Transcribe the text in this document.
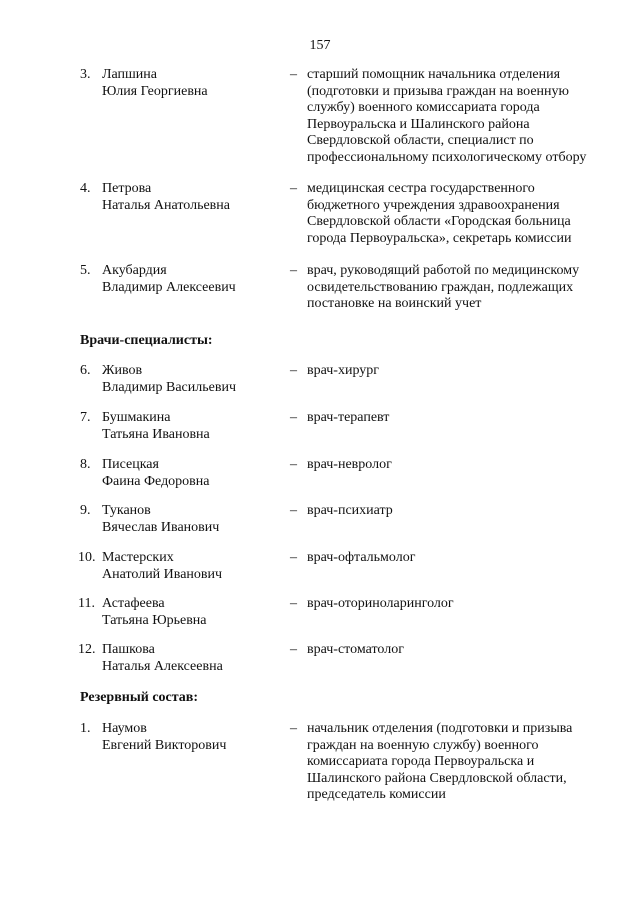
157
3. Лапшина
Юлия Георгиевна
– старший помощник начальника отделения
(подготовки и призыва граждан на военную
службу) военного комиссариата города
Первоуральска и Шалинского района
Свердловской области, специалист по
профессиональному психологическому отбору
4. Петрова
Наталья Анатольевна
– медицинская сестра государственного
бюджетного учреждения здравоохранения
Свердловской области «Городская больница
города Первоуральска», секретарь комиссии
5. Акубардия
Владимир Алексеевич
– врач, руководящий работой по медицинскому
освидетельствованию граждан, подлежащих
постановке на воинский учет
Врачи-специалисты:
6. Живов
Владимир Васильевич
– врач-хирург
7. Бушмакина
Татьяна Ивановна
– врач-терапевт
8. Писецкая
Фаина Федоровна
– врач-невролог
9. Туканов
Вячеслав Иванович
– врач-психиатр
10. Мастерских
Анатолий Иванович
– врач-офтальмолог
11. Астафеева
Татьяна Юрьевна
– врач-оториноларинголог
12. Пашкова
Наталья Алексеевна
– врач-стоматолог
Резервный состав:
1. Наумов
Евгений Викторович
– начальник отделения (подготовки и призыва
граждан на военную службу) военного
комиссариата города Первоуральска и
Шалинского района Свердловской области,
председатель комиссии
